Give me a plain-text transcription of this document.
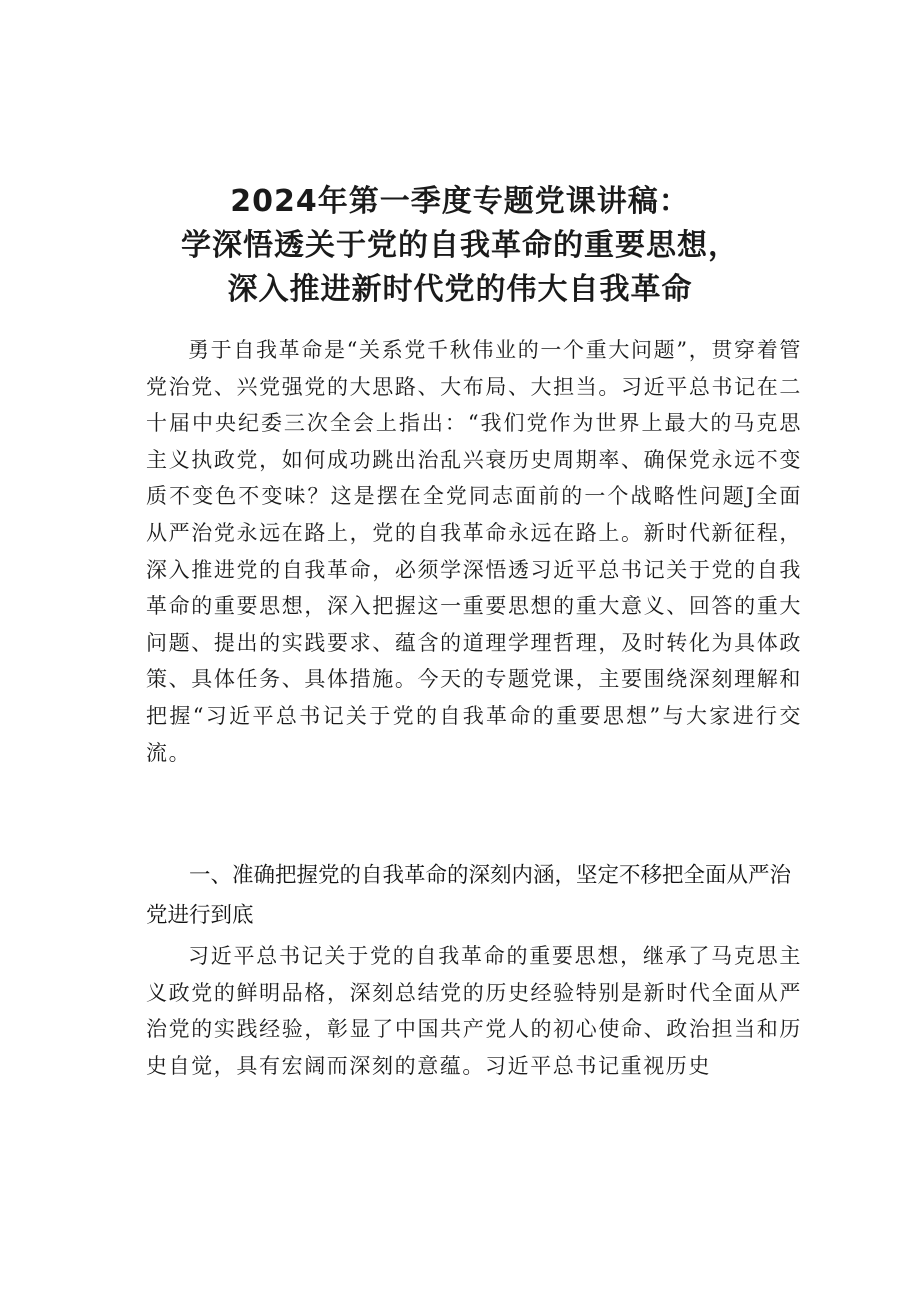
2024年第一季度专题党课讲稿：
学深悟透关于党的自我革命的重要思想，
深入推进新时代党的伟大自我革命

勇于自我革命是“关系党千秋伟业的一个重大问题”，贯穿着管党治党、兴党强党的大思路、大布局、大担当。习近平总书记在二十届中央纪委三次全会上指出：“我们党作为世界上最大的马克思主义执政党，如何成功跳出治乱兴衰历史周期率、确保党永远不变质不变色不变味？这是摆在全党同志面前的一个战略性问题J全面从严治党永远在路上，党的自我革命永远在路上。新时代新征程，深入推进党的自我革命，必须学深悟透习近平总书记关于党的自我革命的重要思想，深入把握这一重要思想的重大意义、回答的重大问题、提出的实践要求、蕴含的道理学理哲理，及时转化为具体政策、具体任务、具体措施。今天的专题党课，主要围绕深刻理解和把握“习近平总书记关于党的自我革命的重要思想”与大家进行交流。

一、准确把握党的自我革命的深刻内涵，坚定不移把全面从严治党进行到底

习近平总书记关于党的自我革命的重要思想，继承了马克思主义政党的鲜明品格，深刻总结党的历史经验特别是新时代全面从严治党的实践经验，彰显了中国共产党人的初心使命、政治担当和历史自觉，具有宏阔而深刻的意蕴。习近平总书记重视历史
